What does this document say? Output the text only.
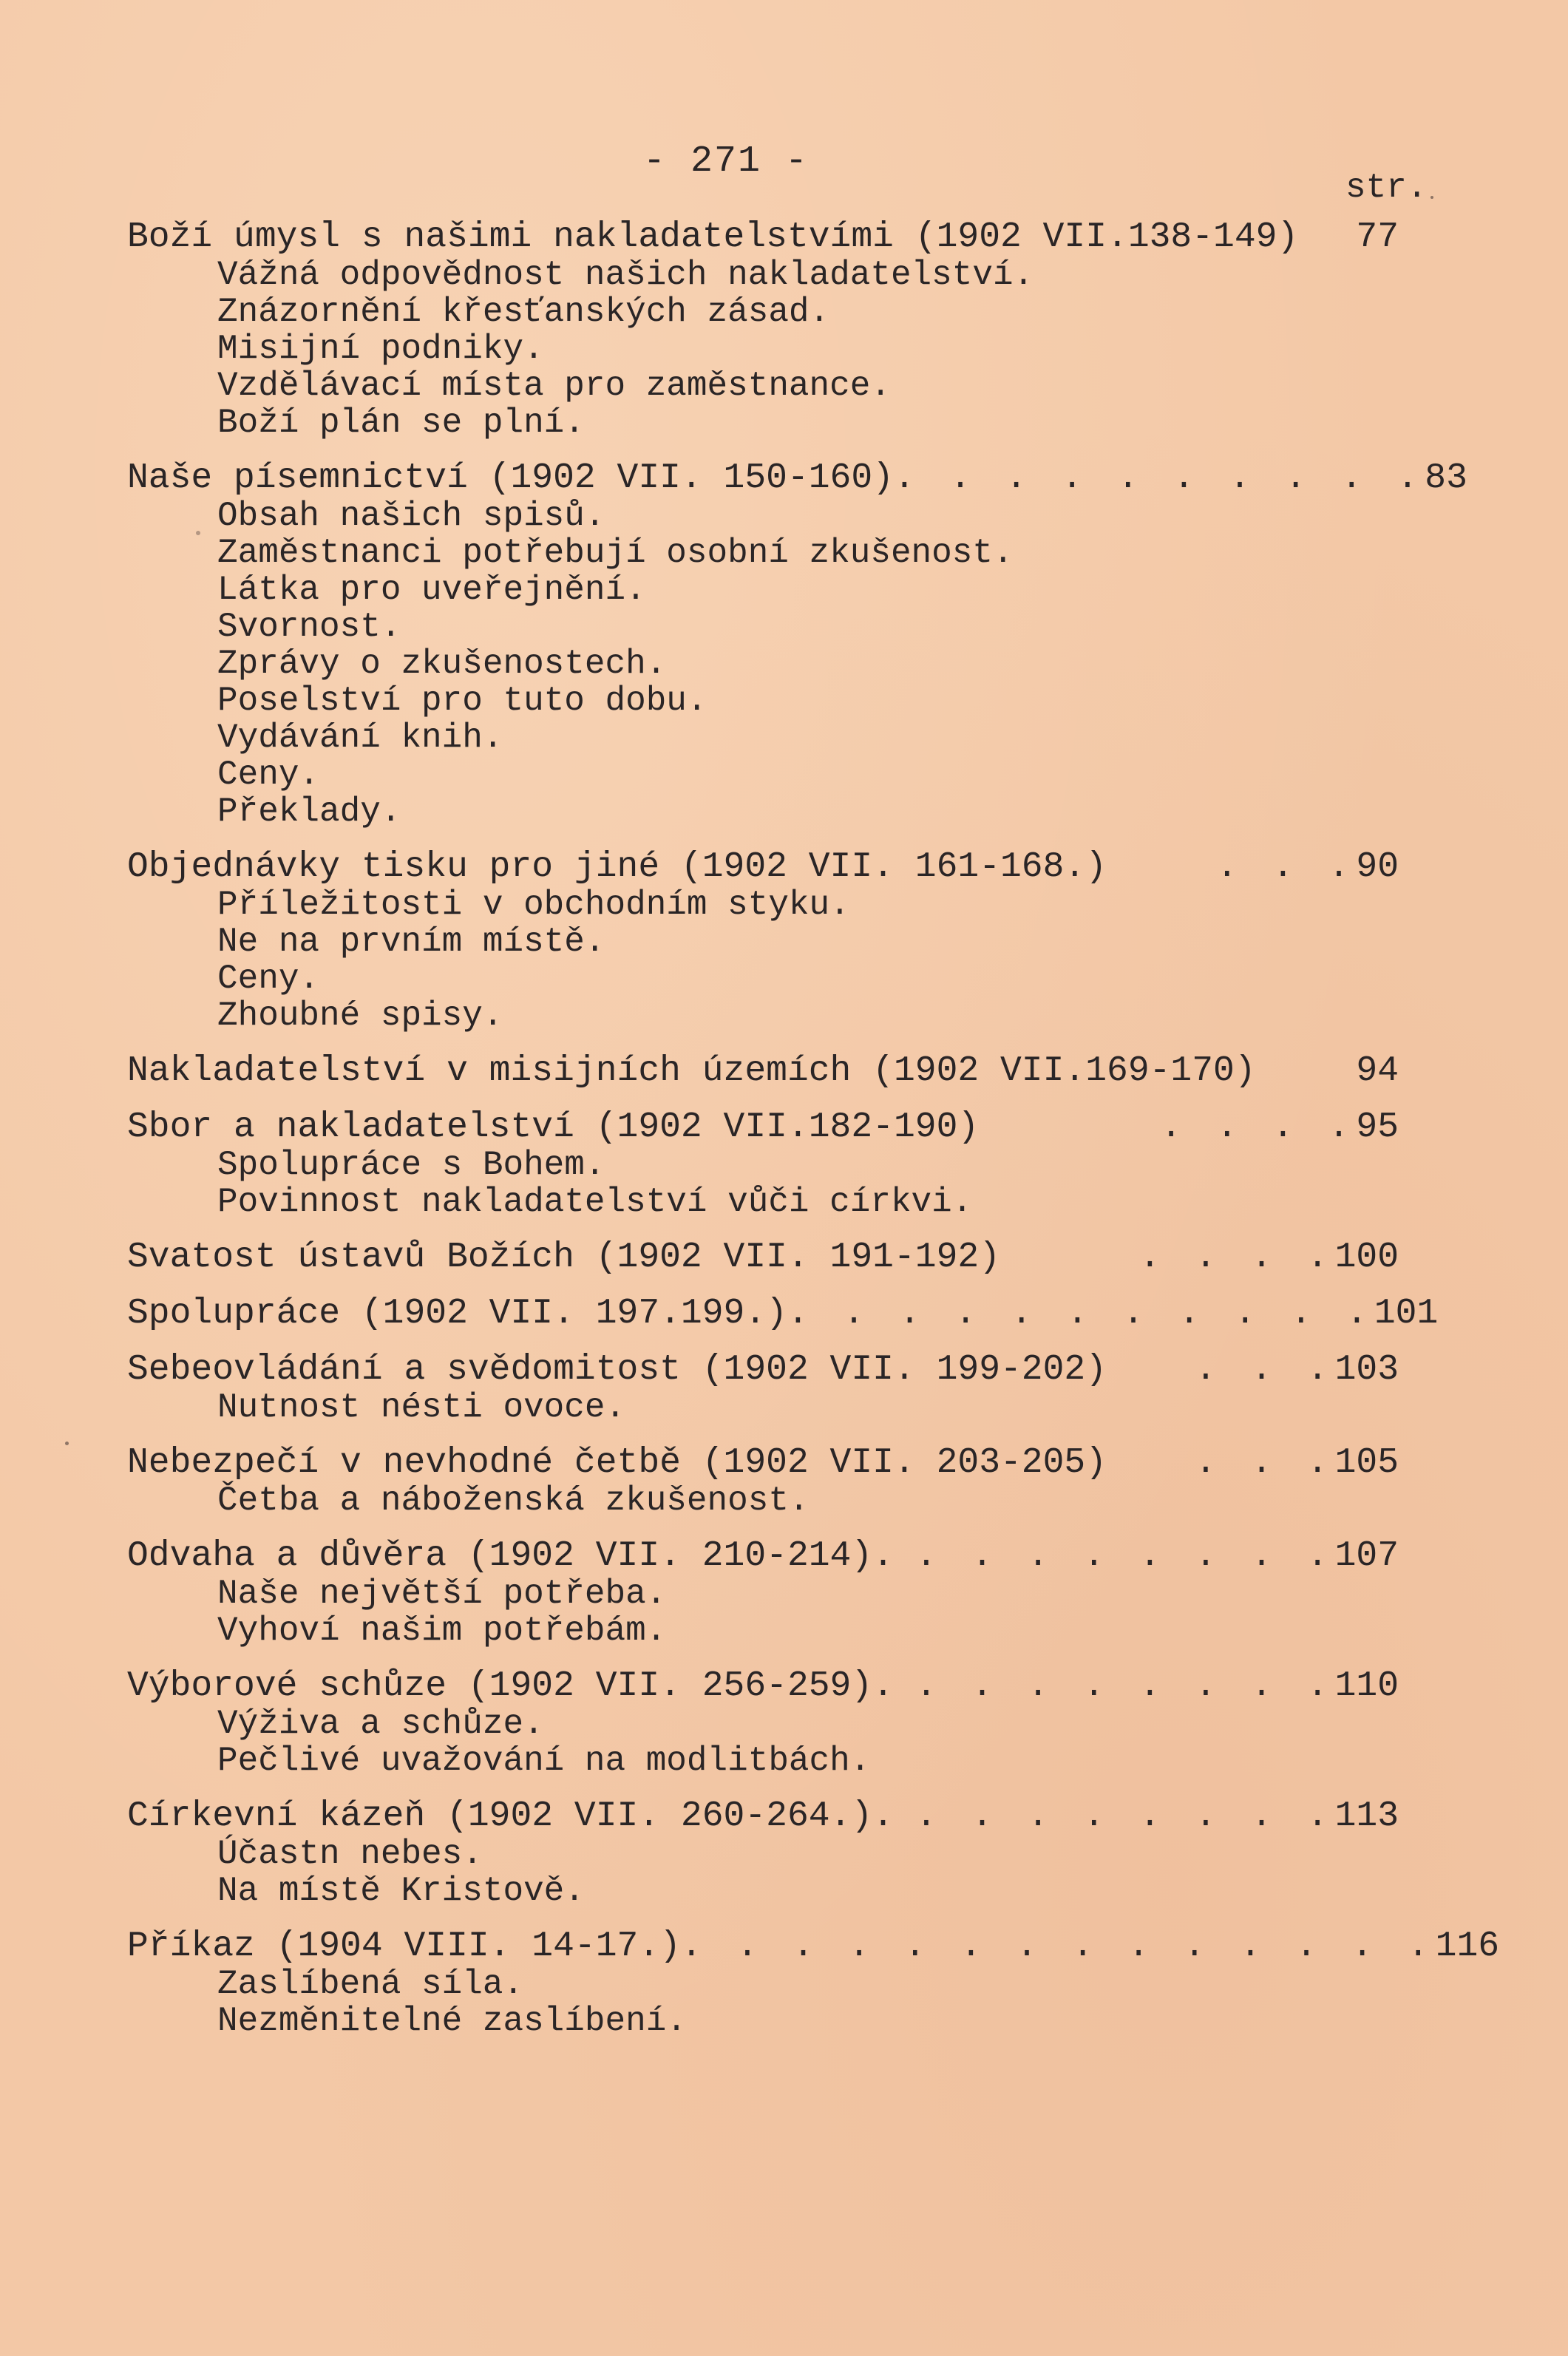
- 271 -
str.
Boží úmysl s našimi nakladatelstvími (1902 VII.138-149) 77
Vážná odpovědnost našich nakladatelství.
Znázornění křesťanských zásad.
Misijní podniky.
Vzdělávací místa pro zaměstnance.
Boží plán se plní.
Naše písemnictví (1902 VII. 150-160) . . . . . . . . . . 83
Obsah našich spisů.
Zaměstnanci potřebují osobní zkušenost.
Látka pro uveřejnění.
Svornost.
Zprávy o zkušenostech.
Poselství pro tuto dobu.
Vydávání knih.
Ceny.
Překlady.
Objednávky tisku pro jiné (1902 VII. 161-168.)	. . . 90
Příležitosti v obchodním styku.
Ne na prvním místě.
Ceny.
Zhoubné spisy.
Nakladatelství v misijních územích (1902 VII.169-170)	94
Sbor a nakladatelství (1902 VII.182-190)	. . . . 95
Spolupráce s Bohem.
Povinnost nakladatelství vůči církvi.
Svatost ústavů Božích (1902 VII. 191-192)	. . . . 100
Spolupráce (1902 VII. 197.199.) . . . . . . . . . . . 101
Sebeovládání a svědomitost (1902 VII. 199-202)	. . . 103
Nutnost nésti ovoce.
Nebezpečí v nevhodné četbě (1902 VII. 203-205)	. . . 105
Četba a náboženská zkušenost.
Odvaha a důvěra (1902 VII. 210-214). . . . . . . . . 107
Naše největší potřeba.
Vyhoví našim potřebám.
Výborové schůze (1902 VII. 256-259). . . . . . . . . 110
Výživa a schůze.
Pečlivé uvažování na modlitbách.
Církevní kázeň (1902 VII. 260-264.). . . . . . . . . 113
Účastn nebes.
Na místě Kristově.
Příkaz (1904 VIII. 14-17.) . . . . . . . . . . . . . . 116
Zaslíbená síla.
Nezměnitelné zaslíbení.
